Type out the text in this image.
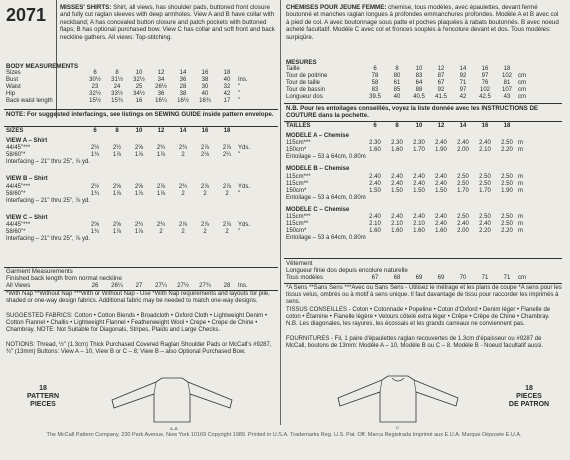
2071 MISSES' SHIRTS: Shirt, all views, has shoulder pads, buttoned front closure and fully cut raglan sleeves with deep armholes. View A and B have collar with neckband; A has concealed button closure and patch pockets with buttoned flaps; B has optional purchased bow. View C has collar and soft front and back neckline gathers. All views: Top-stitching.
BODY MEASUREMENTS
Sizes	6	8	10	12	14	16	18	
Bust	30½	31½	32½	34	36	38	40	Ins.
Waist	23	24	25	26½	28	30	32	"
Hip	32½	33½	34½	36	38	40	42	"
Back waist length	15½	15¾	16	16¼	16½	16¾	17	"
NOTE: For suggested interfacings, see listings on SEWING GUIDE inside pattern envelope.
SIZES	6	8	10	12	14	16	18	
VIEW A – Shirt								
44/45"***	2½	2½	2⅝	2¾	2¾	2⅞	2⅞	Yds.
58/60"*	1¾	1⅞	1⅞	1⅞	2	2⅛	2¼	"
Interfacing – 21" thru 25", ⅞ yd.								
VIEW B – Shirt								
44/45"***	2½	2⅝	2⅝	2⅞	2¾	2⅞	2⅞	Yds.
58/60"*	1¾	1⅞	1⅞	1⅞	2	2	2	"
Interfacing – 21" thru 25", ⅞ yd.								
VIEW C – Shirt								
44/45"***	2⅝	2⅝	2¾	2¾	2⅞	2⅞	2⅞	Yds.
58/60"*	1¾	1⅞	1⅞	2	2	2	2	"
Interfacing – 21" thru 25", ⅞ yd.								
Garment Measurements
Finished back length from normal neckline
All Views	26	26¼	27	27¼	27½	27¾	28	Ins.
*With Nap **Without Nap ***With or Without Nap - Use *With Nap requirements and layouts for pile, shaded or one-way design fabrics. Additional fabric may be needed to match one-way designs.
SUGGESTED FABRICS: Cotton • Cotton Blends • Broadcloth • Oxford Cloth • Lightweight Denim • Cotton Flannel • Challis • Lightweight Flannel • Featherweight Wool • Crepe • Crepe de Chine • Chambray. NOTE: Not Suitable for Diagonals, Stripes, Plaids and Large Checks.
NOTIONS: Thread, ½" (1.3cm) Thick Purchased Covered Raglan Shoulder Pads or McCall's #9287, ¾" (13mm) Buttons: View A – 10, View B or C – 8; View B – also Optional Purchased Bow.
18
PATTERN
PIECES
A–B
CHEMISES POUR JEUNE FEMME: chemise, tous modèles, avec épaulettes, devant fermé boutonné et manches raglan longues à profondes emmanchures profondes. Modèle A et B avec col à pied de col. A avec boutonnage sous patte et poches plaquées à rabats boutonnés. B avec noeud acheté facultatif. Modèle C avec col et fronces souples à l'encolure devant et dos. Tous modèles: surpiqûre.
MESURES
Taille	6	8	10	12	14	16	18	
Tour de poitrine	78	80	83	87	92	97	102	cm
Tour de taille	58	61	64	67	71	76	81	cm
Tour de bassin	83	85	88	92	97	102	107	cm
Longueur dos	39.5	40	40.5	41.5	42	42.5	43	cm
N.B. Pour les entoilages conseillés, voyez la liste donnée avec les INSTRUCTIONS DE COUTURE dans la pochette.
TAILLES	6	8	10	12	14	16	18	
MODELE A – Chemise								
115cm***	2.30	2.30	2.30	2.40	2.40	2.40	2.50	m
150cm*	1.60	1.60	1.70	1.90	2.00	2.10	2.20	m
Entoilage – 53 à 64cm, 0.80m								
MODELE B – Chemise								
115cm***	2.40	2.40	2.40	2.40	2.50	2.50	2.50	m
115cm**	2.40	2.40	2.40	2.40	2.50	2.50	2.50	m
150cm*	1.50	1.50	1.50	1.50	1.70	1.70	1.90	m
Entoilage – 53 à 64cm, 0.80m								
MODELE C – Chemise								
115cm***	2.40	2.40	2.40	2.40	2.50	2.50	2.50	m
115cm**	2.10	2.10	2.10	2.40	2.40	2.40	2.50	m
150cm*	1.60	1.60	1.60	1.60	2.00	2.20	2.20	m
Entoilage – 53 à 64cm, 0.80m								
Vêtement
Longueur finie dos depuis encolure naturelle
Tous modèles	67	68	69	69	70	71	71	cm
*A Sens **Sans Sens ***Avec ou Sans Sens - Utilisez le métrage et les plans de coupe *A sens pour les tissus velus, ombrés ou à motif à sens unique. Il faut davantage de tissu pour raccorder les imprimés à sens.
TISSUS CONSEILLES - Coton • Cotonnade • Popeline • Coton d'Oxford • Denim léger • Flanelle de coton • Étamine • Flanelle légère • Velours côtelé extra léger • Crêpe • Crêpe de Chine • Chambray. N.B. Les diagonales, les rayures, les écossais et les grands carreaux ne conviennent pas.
FOURNITURES - Fil, 1 paire d'épaulettes raglan recouvertes de 1.3cm d'épaisseur ou #9287 de McCall, boutons de 13mm: Modèle A – 10, Modèle B ou C – 8. Modèle B - Noeud facultatif aussi.
18
PIECES
DE PATRON
C
The McCall Pattern Company, 230 Park Avenue, New York 10169 Copyright 1989. Printed in U.S.A. Trademarks Reg. U.S. Pat. Off. Marca Registrada Imprimé aux E.U.A. Marque Déposée E.U.A.
